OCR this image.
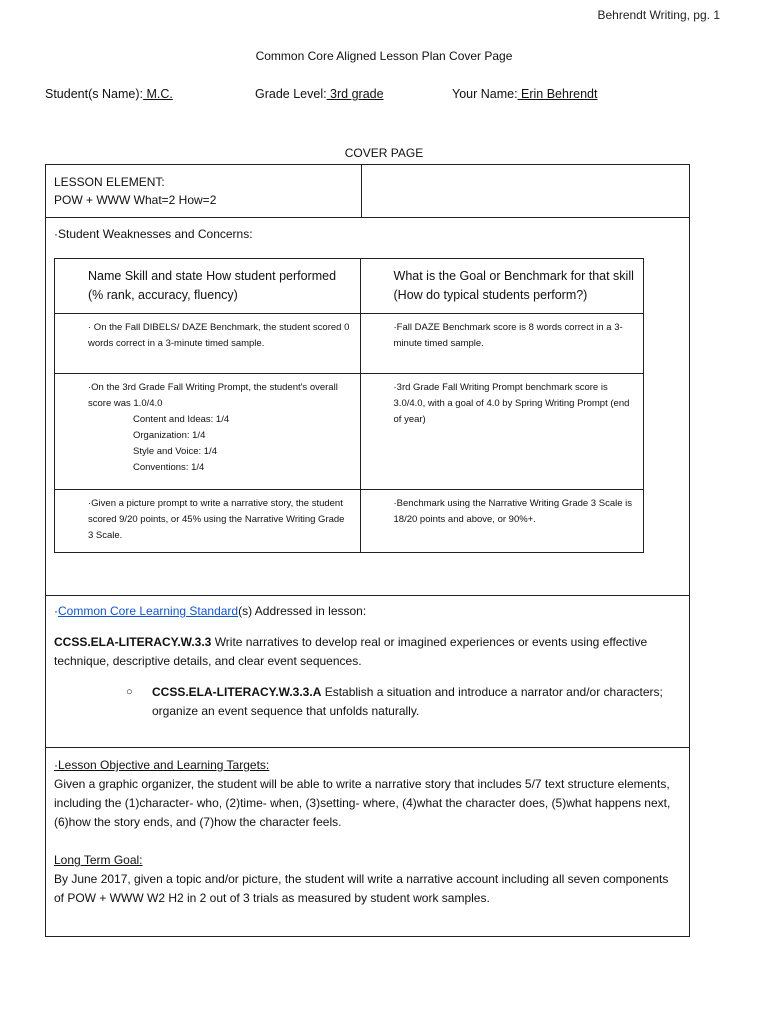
Behrendt Writing, pg. 1
Common Core Aligned Lesson Plan Cover Page
Student(s Name): M.C.	Grade Level: 3rd grade	Your Name: Erin Behrendt
COVER PAGE
LESSON ELEMENT:
POW + WWW What=2 How=2
·Student Weaknesses and Concerns:
Name Skill and state How student performed (% rank, accuracy, fluency)	What is the Goal or Benchmark for that skill (How do typical students perform?)
· On the Fall DIBELS/ DAZE Benchmark, the student scored 0 words correct in a 3-minute timed sample.	·Fall DAZE Benchmark score is 8 words correct in a 3-minute timed sample.
·On the 3rd Grade Fall Writing Prompt, the student's overall score was 1.0/4.0
Content and Ideas: 1/4
Organization: 1/4
Style and Voice: 1/4
Conventions: 1/4	·3rd Grade Fall Writing Prompt benchmark score is 3.0/4.0, with a goal of 4.0 by Spring Writing Prompt (end of year)
·Given a picture prompt to write a narrative story, the student scored 9/20 points, or 45% using the Narrative Writing Grade 3 Scale.	·Benchmark using the Narrative Writing Grade 3 Scale is 18/20 points and above, or 90%+.
·Common Core Learning Standard(s) Addressed in lesson:

CCSS.ELA-LITERACY.W.3.3 Write narratives to develop real or imagined experiences or events using effective technique, descriptive details, and clear event sequences.

○ CCSS.ELA-LITERACY.W.3.3.A Establish a situation and introduce a narrator and/or characters; organize an event sequence that unfolds naturally.
·Lesson Objective and Learning Targets:
Given a graphic organizer, the student will be able to write a narrative story that includes 5/7 text structure elements, including the (1)character- who, (2)time- when, (3)setting- where, (4)what the character does, (5)what happens next, (6)how the story ends, and (7)how the character feels.
Long Term Goal:
By June 2017, given a topic and/or picture, the student will write a narrative account including all seven components of POW + WWW W2 H2 in 2 out of 3 trials as measured by student work samples.
